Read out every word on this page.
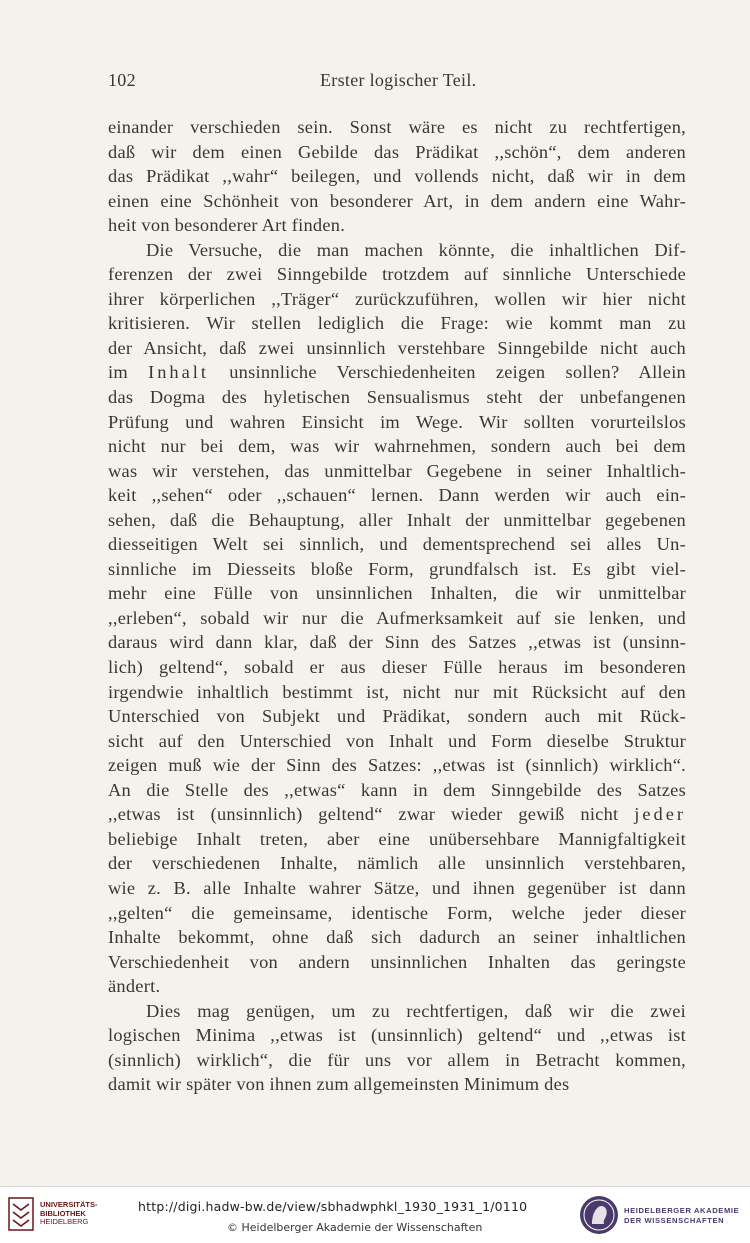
102	Erster logischer Teil.
einander verschieden sein. Sonst wäre es nicht zu rechtfertigen,
daß wir dem einen Gebilde das Prädikat ,,schön“, dem anderen
das Prädikat ,,wahr“ beilegen, und vollends nicht, daß wir in dem
einen eine Schönheit von besonderer Art, in dem andern eine Wahr-
heit von besonderer Art finden.
Die Versuche, die man machen könnte, die inhaltlichen Dif-
ferenzen der zwei Sinngebilde trotzdem auf sinnliche Unterschiede
ihrer körperlichen ,,Träger“ zurückzuführen, wollen wir hier nicht
kritisieren. Wir stellen lediglich die Frage: wie kommt man zu
der Ansicht, daß zwei unsinnlich verstehbare Sinngebilde nicht auch
im Inhalt unsinnliche Verschiedenheiten zeigen sollen? Allein
das Dogma des hyletischen Sensualismus steht der unbefangenen
Prüfung und wahren Einsicht im Wege. Wir sollten vorurteilslos
nicht nur bei dem, was wir wahrnehmen, sondern auch bei dem
was wir verstehen, das unmittelbar Gegebene in seiner Inhaltlich-
keit ,,sehen“ oder ,,schauen“ lernen. Dann werden wir auch ein-
sehen, daß die Behauptung, aller Inhalt der unmittelbar gegebenen
diesseitigen Welt sei sinnlich, und dementsprechend sei alles Un-
sinnliche im Diesseits bloße Form, grundfalsch ist. Es gibt viel-
mehr eine Fülle von unsinnlichen Inhalten, die wir unmittelbar
,,erleben“, sobald wir nur die Aufmerksamkeit auf sie lenken, und
daraus wird dann klar, daß der Sinn des Satzes ,,etwas ist (unsinn-
lich) geltend“, sobald er aus dieser Fülle heraus im besonderen
irgendwie inhaltlich bestimmt ist, nicht nur mit Rücksicht auf den
Unterschied von Subjekt und Prädikat, sondern auch mit Rück-
sicht auf den Unterschied von Inhalt und Form dieselbe Struktur
zeigen muß wie der Sinn des Satzes: ,,etwas ist (sinnlich) wirklich“.
An die Stelle des ,,etwas“ kann in dem Sinngebilde des Satzes
,,etwas ist (unsinnlich) geltend“ zwar wieder gewiß nicht jeder
beliebige Inhalt treten, aber eine unübersehbare Mannigfaltigkeit
der verschiedenen Inhalte, nämlich alle unsinnlich verstehbaren,
wie z. B. alle Inhalte wahrer Sätze, und ihnen gegenüber ist dann
,,gelten“ die gemeinsame, identische Form, welche jeder dieser
Inhalte bekommt, ohne daß sich dadurch an seiner inhaltlichen
Verschiedenheit von andern unsinnlichen Inhalten das geringste
ändert.
Dies mag genügen, um zu rechtfertigen, daß wir die zwei
logischen Minima ,,etwas ist (unsinnlich) geltend“ und ,,etwas ist
(sinnlich) wirklich“, die für uns vor allem in Betracht kommen,
damit wir später von ihnen zum allgemeinsten Minimum des
UNIVERSITÄTS-
BIBLIOTHEK
HEIDELBERG
http://digi.hadw-bw.de/view/sbhadwphkl_1930_1931_1/0110
© Heidelberger Akademie der Wissenschaften
HEIDELBERGER AKADEMIE
DER WISSENSCHAFTEN
